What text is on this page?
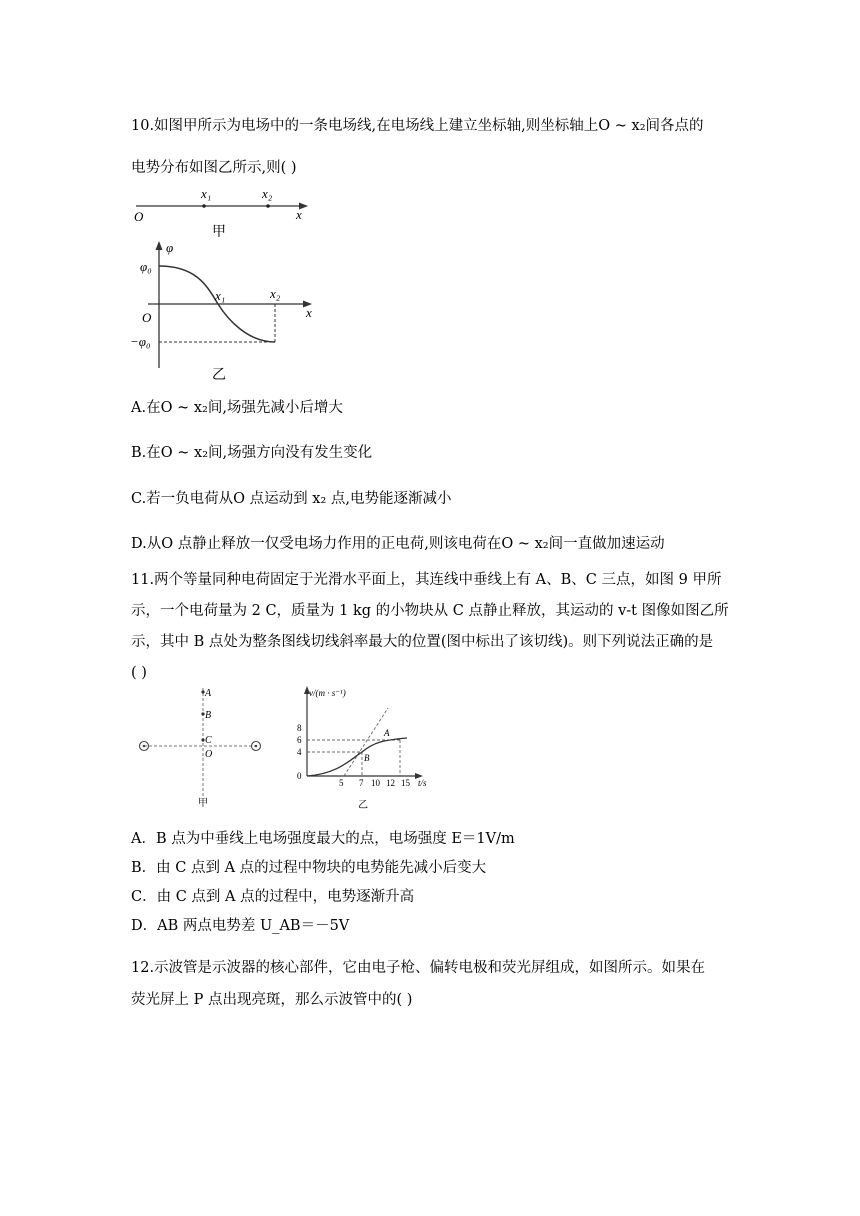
10.如图甲所示为电场中的一条电场线,在电场线上建立坐标轴,则坐标轴上O ~ x₂间各点的
电势分布如图乙所示,则( )
O
x₁	x₂
x
甲
φ
φ₀
O
x₁	x₂
x
−φ₀
乙
A.在O ~ x₂间,场强先减小后增大
B.在O ~ x₂间,场强方向没有发生变化
C.若一负电荷从O 点运动到 x₂ 点,电势能逐渐减小
D.从O 点静止释放一仅受电场力作用的正电荷,则该电荷在O ~ x₂间一直做加速运动
11.两个等量同种电荷固定于光滑水平面上，其连线中垂线上有 A、B、C 三点，如图 9 甲所
示，一个电荷量为 2 C，质量为 1 kg 的小物块从 C 点静止释放，其运动的 v-t 图像如图乙所
示，其中 B 点处为整条图线切线斜率最大的位置(图中标出了该切线)。则下列说法正确的是
( )
A
B
C
O
甲
v/(m · s⁻¹)
8
6
4
0
5 7 10 12 15 t/s
A
B
乙
A．B 点为中垂线上电场强度最大的点，电场强度 E＝1V/m
B．由 C 点到 A 点的过程中物块的电势能先减小后变大
C．由 C 点到 A 点的过程中，电势逐渐升高
D．AB 两点电势差 U_AB＝－5V
12.示波管是示波器的核心部件，它由电子枪、偏转电极和荧光屏组成，如图所示。如果在
荧光屏上 P 点出现亮斑，那么示波管中的( )
